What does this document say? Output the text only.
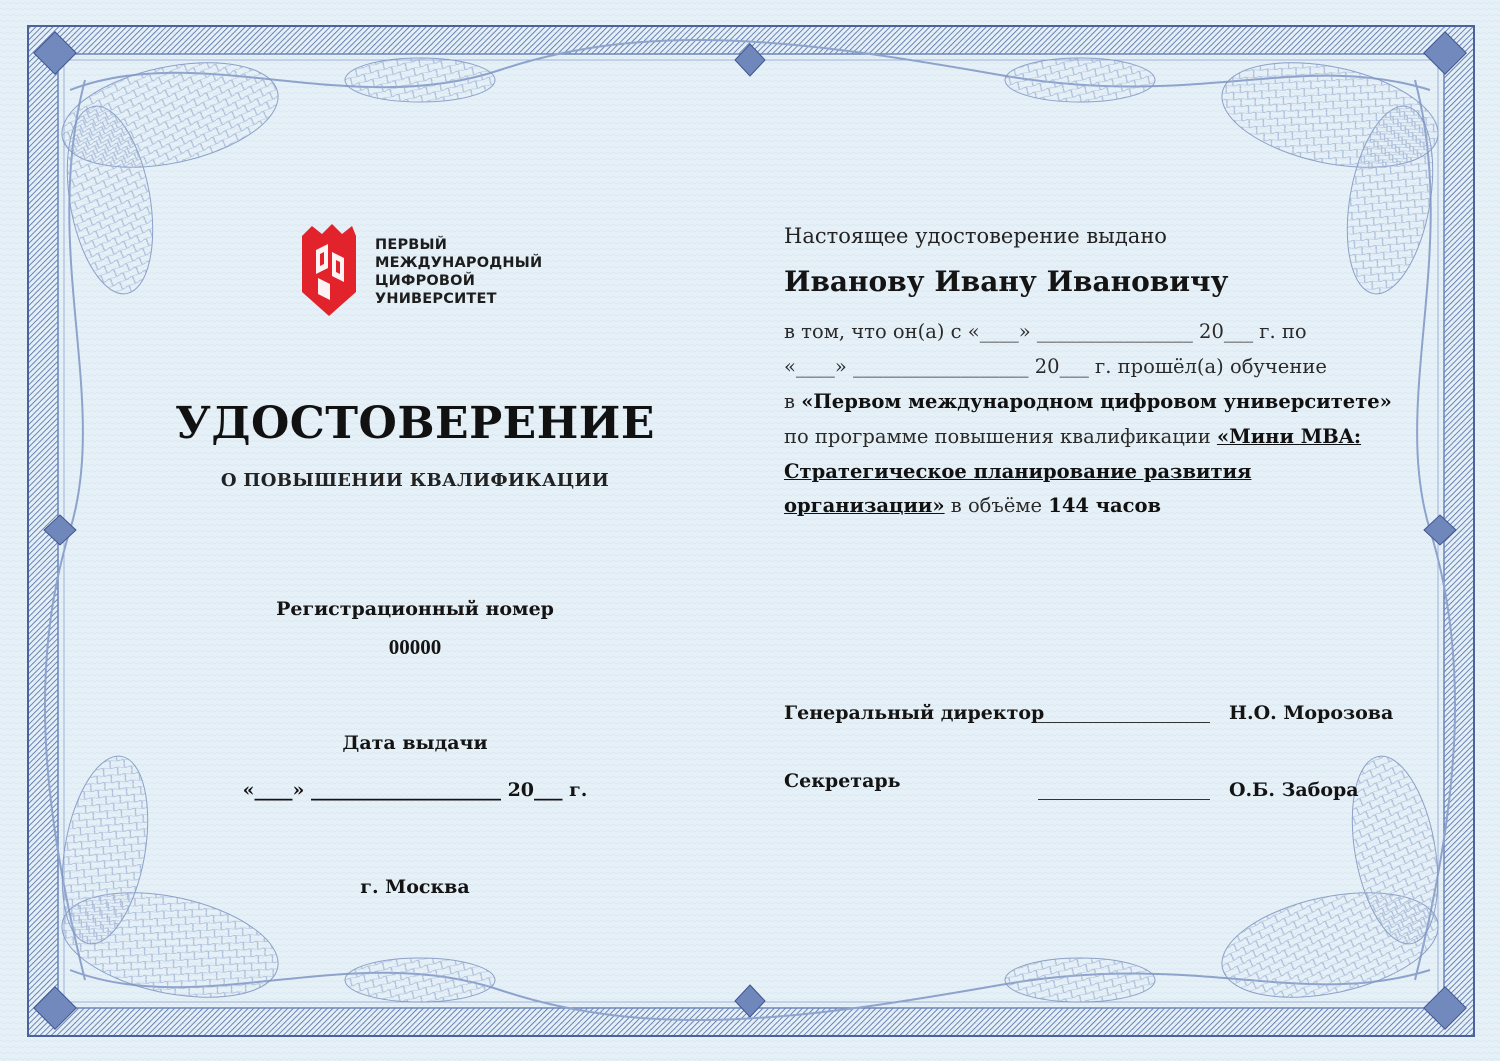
ПЕРВЫЙ
МЕЖДУНАРОДНЫЙ
ЦИФРОВОЙ
УНИВЕРСИТЕТ
УДОСТОВЕРЕНИЕ
О ПОВЫШЕНИИ КВАЛИФИКАЦИИ
Регистрационный номер
00000
Дата выдачи
«____» ____________________ 20___ г.
г. Москва
Настоящее удостоверение выдано
Иванову Ивану Ивановичу
в том, что он(а) с «____» ________________ 20___ г. по
«____» __________________ 20___ г. прошёл(а) обучение
в «Первом международном цифровом университете»
по программе повышения квалификации «Мини MBA:
Стратегическое планирование развития
организации» в объёме 144 часов
Генеральный директор	Н.О. Морозова
Секретарь	О.Б. Забора
